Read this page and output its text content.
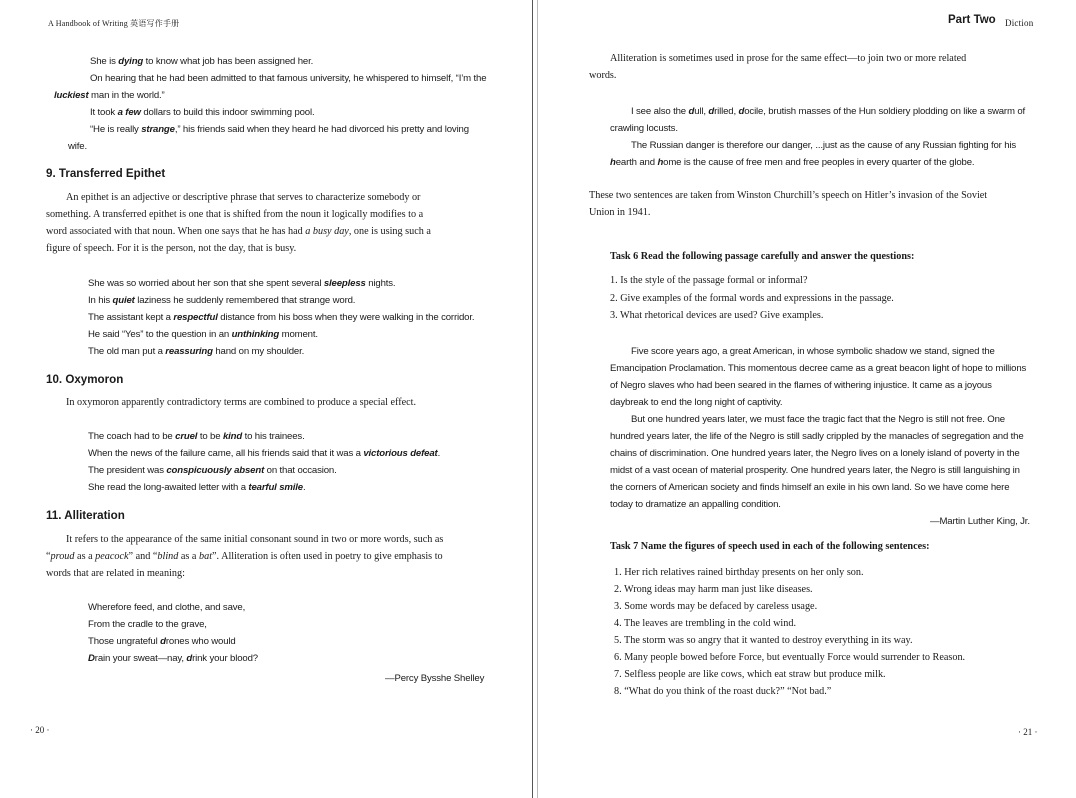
A Handbook of Writing 英语写作手册
She is dying to know what job has been assigned her.
On hearing that he had been admitted to that famous university, he whispered to himself, “I’m the
luckiest man in the world.”
It took a few dollars to build this indoor swimming pool.
“He is really strange,” his friends said when they heard he had divorced his pretty and loving
wife.
9. Transferred Epithet
An epithet is an adjective or descriptive phrase that serves to characterize somebody or
something. A transferred epithet is one that is shifted from the noun it logically modifies to a
word associated with that noun. When one says that he has had a busy day, one is using such a
figure of speech. For it is the person, not the day, that is busy.
She was so worried about her son that she spent several sleepless nights.
In his quiet laziness he suddenly remembered that strange word.
The assistant kept a respectful distance from his boss when they were walking in the corridor.
He said “Yes” to the question in an unthinking moment.
The old man put a reassuring hand on my shoulder.
10. Oxymoron
In oxymoron apparently contradictory terms are combined to produce a special effect.
The coach had to be cruel to be kind to his trainees.
When the news of the failure came, all his friends said that it was a victorious defeat.
The president was conspicuously absent on that occasion.
She read the long-awaited letter with a tearful smile.
11. Alliteration
It refers to the appearance of the same initial consonant sound in two or more words, such as
“proud as a peacock” and “blind as a bat”. Alliteration is often used in poetry to give emphasis to
words that are related in meaning:
Wherefore feed, and clothe, and save,
From the cradle to the grave,
Those ungrateful drones who would
Drain your sweat—nay, drink your blood?
—Percy Bysshe Shelley
· 20 ·
Part Two Diction
Alliteration is sometimes used in prose for the same effect—to join two or more related
words.
I see also the dull, drilled, docile, brutish masses of the Hun soldiery plodding on like a swarm of
crawling locusts.
The Russian danger is therefore our danger, ...just as the cause of any Russian fighting for his
hearth and home is the cause of free men and free peoples in every quarter of the globe.
These two sentences are taken from Winston Churchill’s speech on Hitler’s invasion of the Soviet
Union in 1941.
Task 6 Read the following passage carefully and answer the questions:
1. Is the style of the passage formal or informal?
2. Give examples of the formal words and expressions in the passage.
3. What rhetorical devices are used? Give examples.
Five score years ago, a great American, in whose symbolic shadow we stand, signed the
Emancipation Proclamation. This momentous decree came as a great beacon light of hope to millions
of Negro slaves who had been seared in the flames of withering injustice. It came as a joyous
daybreak to end the long night of captivity.
But one hundred years later, we must face the tragic fact that the Negro is still not free. One
hundred years later, the life of the Negro is still sadly crippled by the manacles of segregation and the
chains of discrimination. One hundred years later, the Negro lives on a lonely island of poverty in the
midst of a vast ocean of material prosperity. One hundred years later, the Negro is still languishing in
the corners of American society and finds himself an exile in his own land. So we have come here
today to dramatize an appalling condition.
—Martin Luther King, Jr.
Task 7 Name the figures of speech used in each of the following sentences:
1. Her rich relatives rained birthday presents on her only son.
2. Wrong ideas may harm man just like diseases.
3. Some words may be defaced by careless usage.
4. The leaves are trembling in the cold wind.
5. The storm was so angry that it wanted to destroy everything in its way.
6. Many people bowed before Force, but eventually Force would surrender to Reason.
7. Selfless people are like cows, which eat straw but produce milk.
8. “What do you think of the roast duck?” “Not bad.”
· 21 ·
